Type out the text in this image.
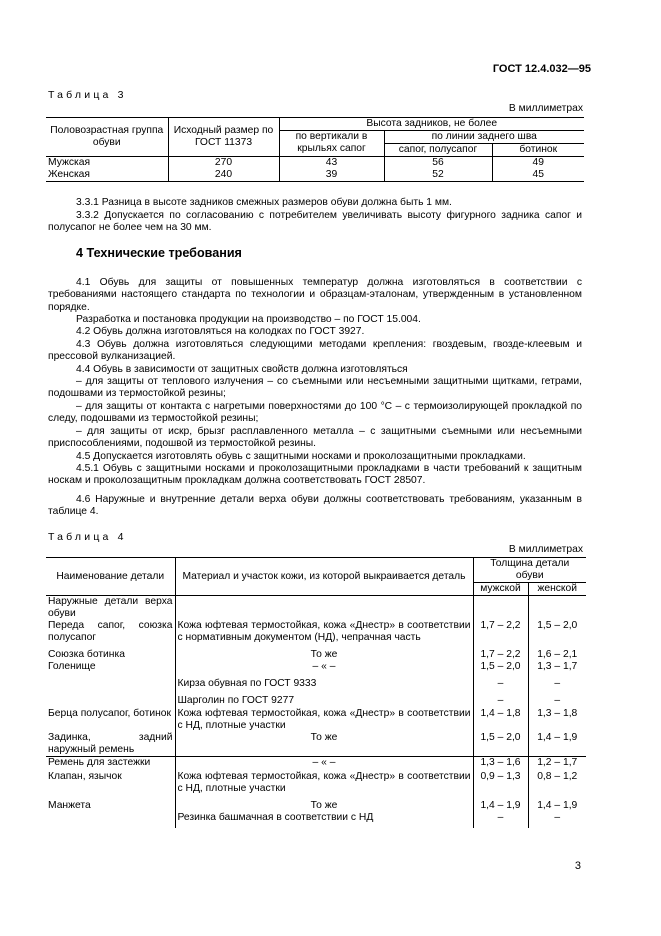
ГОСТ 12.4.032—95
Таблица 3
В миллиметрах
Половозрастная группа обуви	Исходный размер по ГОСТ 11373	Высота задников, не более		
		по вертикали в крыльях сапог	по линии заднего шва	
			сапог, полусапог	ботинок
Мужская	270	43	56	49
Женская	240	39	52	45
3.3.1 Разница в высоте задников смежных размеров обуви должна быть 1 мм.
3.3.2 Допускается по согласованию с потребителем увеличивать высоту фигурного задника сапог и полусапог не более чем на 30 мм.
4 Технические требования
4.1 Обувь для защиты от повышенных температур должна изготовляться в соответствии с требованиями настоящего стандарта по технологии и образцам-эталонам, утвержденным в установленном порядке.
Разработка и постановка продукции на производство – по ГОСТ 15.004.
4.2 Обувь должна изготовляться на колодках по ГОСТ 3927.
4.3 Обувь должна изготовляться следующими методами крепления: гвоздевым, гвозде-клеевым и прессовой вулканизацией.
4.4 Обувь в зависимости от защитных свойств должна изготовляться
– для защиты от теплового излучения – со съемными или несъемными защитными щитками, гетрами, подошвами из термостойкой резины;
– для защиты от контакта с нагретыми поверхностями до 100 °С – с термоизолирующей прокладкой по следу, подошвами из термостойкой резины;
– для защиты от искр, брызг расплавленного металла – с защитными съемными или несъемными приспособлениями, подошвой из термостойкой резины.
4.5 Допускается изготовлять обувь с защитными носками и проколозащитными прокладками.
4.5.1 Обувь с защитными носками и проколозащитными прокладками в части требований к защитным носкам и проколозащитным прокладкам должна соответствовать ГОСТ 28507.
4.6 Наружные и внутренние детали верха обуви должны соответствовать требованиям, указанным в таблице 4.
Таблица 4
В миллиметрах
Наименование детали	Материал и участок кожи, из которой выкраивается деталь	Толщина детали обуви	
		мужской	женской
Наружные детали верха обуви			
Переда сапог, союзка полусапог	Кожа юфтевая термостойкая, кожа «Днестр» в соответствии с нормативным документом (НД), чепрачная часть	1,7 – 2,2	1,5 – 2,0
Союзка ботинка	То же	1,7 – 2,2	1,6 – 2,1
Голенище	– « –	1,5 – 2,0	1,3 – 1,7
	Кирза обувная по ГОСТ 9333	–	–
	Шарголин по ГОСТ 9277	–	–
Берца полусапог, ботинок	Кожа юфтевая термостойкая, кожа «Днестр» в соответствии с НД, плотные участки	1,4 – 1,8	1,3 – 1,8
Задинка, задний наружный ремень	То же	1,5 – 2,0	1,4 – 1,9
Ремень для застежки	– « –	1,3 – 1,6	1,2 – 1,7
Клапан, язычок	Кожа юфтевая термостойкая, кожа «Днестр» в соответствии с НД, плотные участки	0,9 – 1,3	0,8 – 1,2
Манжета	То же	1,4 – 1,9	1,4 – 1,9
	Резинка башмачная в соответствии с НД	–	–
3
